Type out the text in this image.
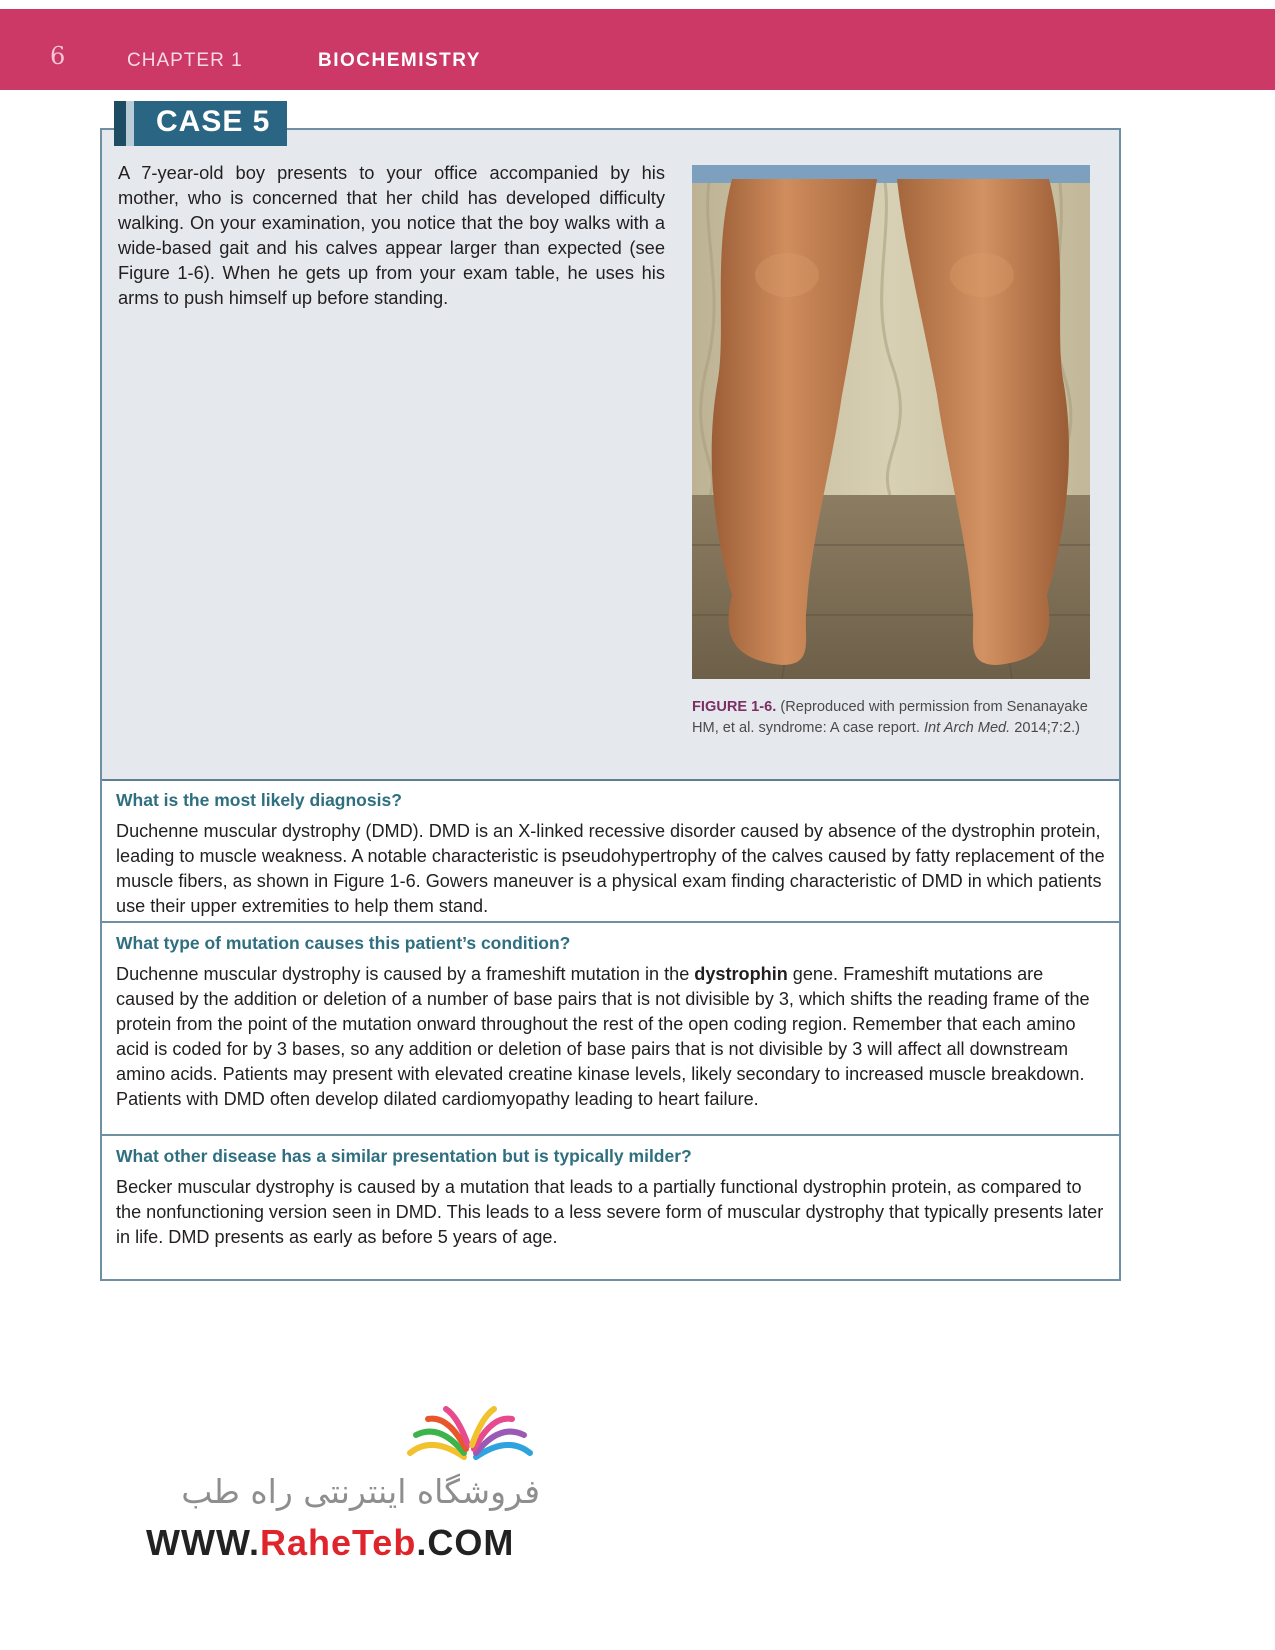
6	CHAPTER 1	BIOCHEMISTRY

A 7-year-old boy presents to your office accompanied by his mother, who is concerned that her child has developed difficulty walking. On your examination, you notice that the boy walks with a wide-based gait and his calves appear larger than expected (see Figure 1-6). When he gets up from your exam table, he uses his arms to push himself up before standing.

FIGURE 1-6. (Reproduced with permission from Senanayake HM, et al. syndrome: A case report. Int Arch Med. 2014;7:2.)
What is the most likely diagnosis?

Duchenne muscular dystrophy (DMD). DMD is an X-linked recessive disorder caused by absence of the dystrophin protein, leading to muscle weakness. A notable characteristic is pseudohypertrophy of the calves caused by fatty replacement of the muscle fibers, as shown in Figure 1-6. Gowers maneuver is a physical exam finding characteristic of DMD in which patients use their upper extremities to help them stand.

What type of mutation causes this patient’s condition?

Duchenne muscular dystrophy is caused by a frameshift mutation in the dystrophin gene. Frameshift mutations are caused by the addition or deletion of a number of base pairs that is not divisible by 3, which shifts the reading frame of the protein from the point of the mutation onward throughout the rest of the open coding region. Remember that each amino acid is coded for by 3 bases, so any addition or deletion of base pairs that is not divisible by 3 will affect all downstream amino acids. Patients may present with elevated creatine kinase levels, likely secondary to increased muscle breakdown. Patients with DMD often develop dilated cardiomyopathy leading to heart failure.

What other disease has a similar presentation but is typically milder?

Becker muscular dystrophy is caused by a mutation that leads to a partially functional dystrophin protein, as compared to the nonfunctioning version seen in DMD. This leads to a less severe form of muscular dystrophy that typically presents later in life. DMD presents as early as before 5 years of age.

CASE 5
فروشگاه اینترنتی راه طب
WWW.RaheTeb.COM
